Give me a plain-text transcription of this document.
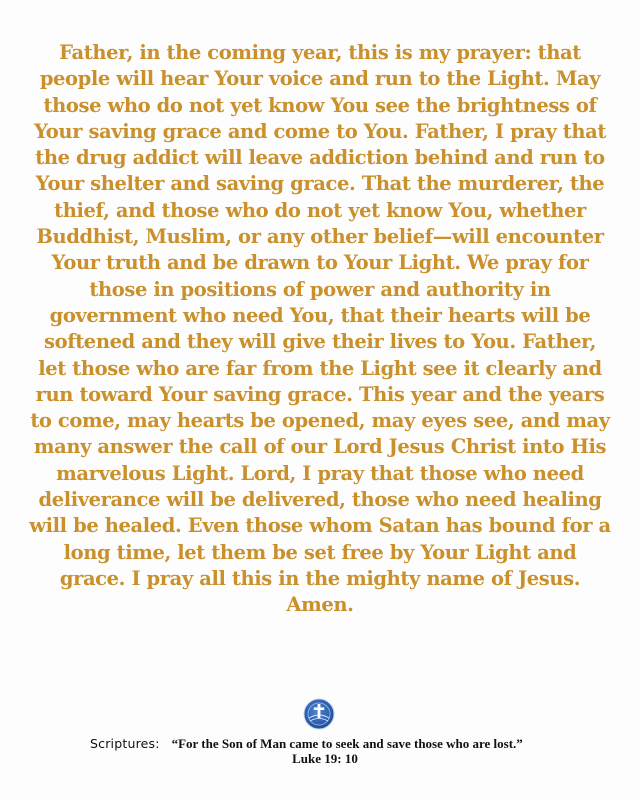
Father, in the coming year, this is my prayer: that people will hear Your voice and run to the Light. May those who do not yet know You see the brightness of Your saving grace and come to You. Father, I pray that the drug addict will leave addiction behind and run to Your shelter and saving grace. That the murderer, the thief, and those who do not yet know You, whether Buddhist, Muslim, or any other belief—will encounter Your truth and be drawn to Your Light. We pray for those in positions of power and authority in government who need You, that their hearts will be softened and they will give their lives to You. Father, let those who are far from the Light see it clearly and run toward Your saving grace. This year and the years to come, may hearts be opened, may eyes see, and may many answer the call of our Lord Jesus Christ into His marvelous Light. Lord, I pray that those who need deliverance will be delivered, those who need healing will be healed. Even those whom Satan has bound for a long time, let them be set free by Your Light and grace. I pray all this in the mighty name of Jesus. Amen.

Scriptures: “For the Son of Man came to seek and save those who are lost.”
Luke 19: 10
